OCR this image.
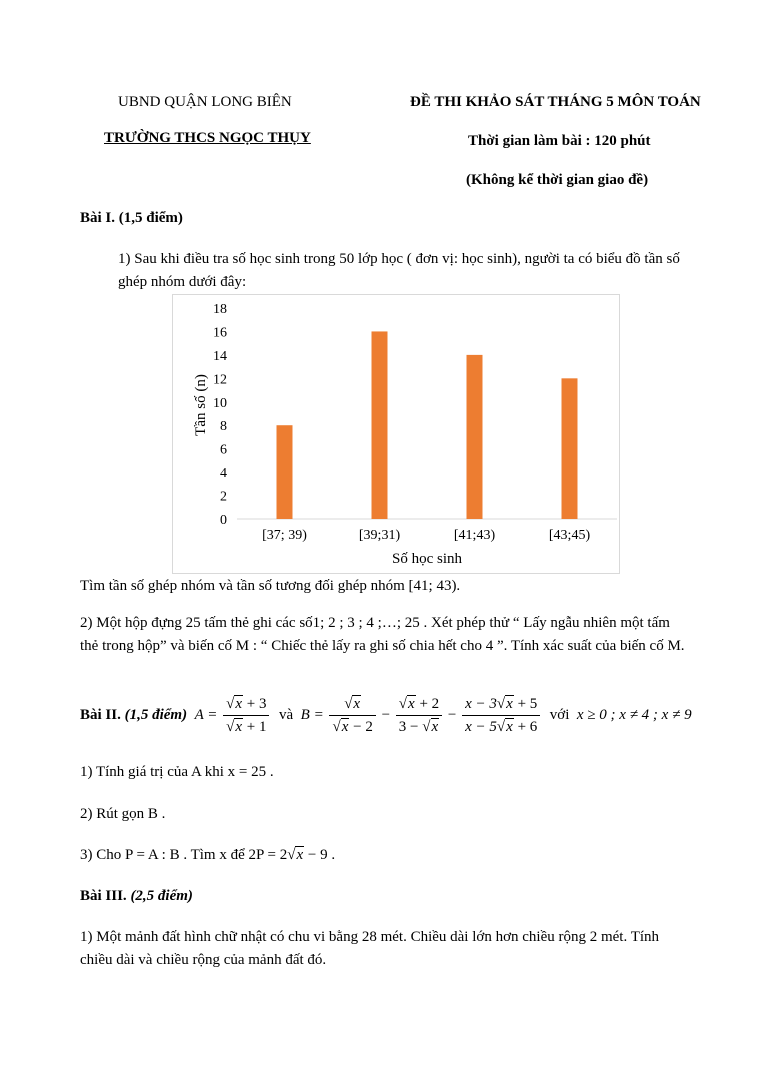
UBND QUẬN LONG BIÊN
TRƯỜNG THCS NGỌC THỤY
ĐỀ THI KHẢO SÁT THÁNG 5 MÔN TOÁN
Thời gian làm bài : 120 phút
(Không kể thời gian giao đề)
Bài I. (1,5 điểm)
1) Sau khi điều tra số học sinh trong 50 lớp học ( đơn vị: học sinh), người ta có biểu đồ tần số ghép nhóm dưới đây:
0
2
4
6
8
10
12
14
16
18
[37; 39)	[39;31)	[41;43)	[43;45)
Tần số (n)
Số học sinh
Tìm tần số ghép nhóm và tần số tương đối ghép nhóm [41; 43).
2) Một hộp đựng 25 tấm thẻ ghi các số1; 2 ; 3 ; 4 ;…; 25 . Xét phép thử “ Lấy ngẫu nhiên một tấm thẻ trong hộp” và biến cố M : “ Chiếc thẻ lấy ra ghi số chia hết cho 4 ”. Tính xác suất của biến cố M.
Bài II. (1,5 điểm) $A = \frac{√x + 3}{√x + 1}$ và $B = \frac{√x}{√x - 2} - \frac{√x + 2}{3 - √x} - \frac{x - 3√x + 5}{x - 5√x + 6}$ với x ≥ 0 ; x ≠ 4 ; x ≠ 9
1) Tính giá trị của A khi x = 25 .
2) Rút gọn B .
3) Cho P = A : B . Tìm x để 2P = 2√x − 9 .
Bài III. (2,5 điểm)
1) Một mảnh đất hình chữ nhật có chu vi bằng 28 mét. Chiều dài lớn hơn chiều rộng 2 mét. Tính chiều dài và chiều rộng của mảnh đất đó.
